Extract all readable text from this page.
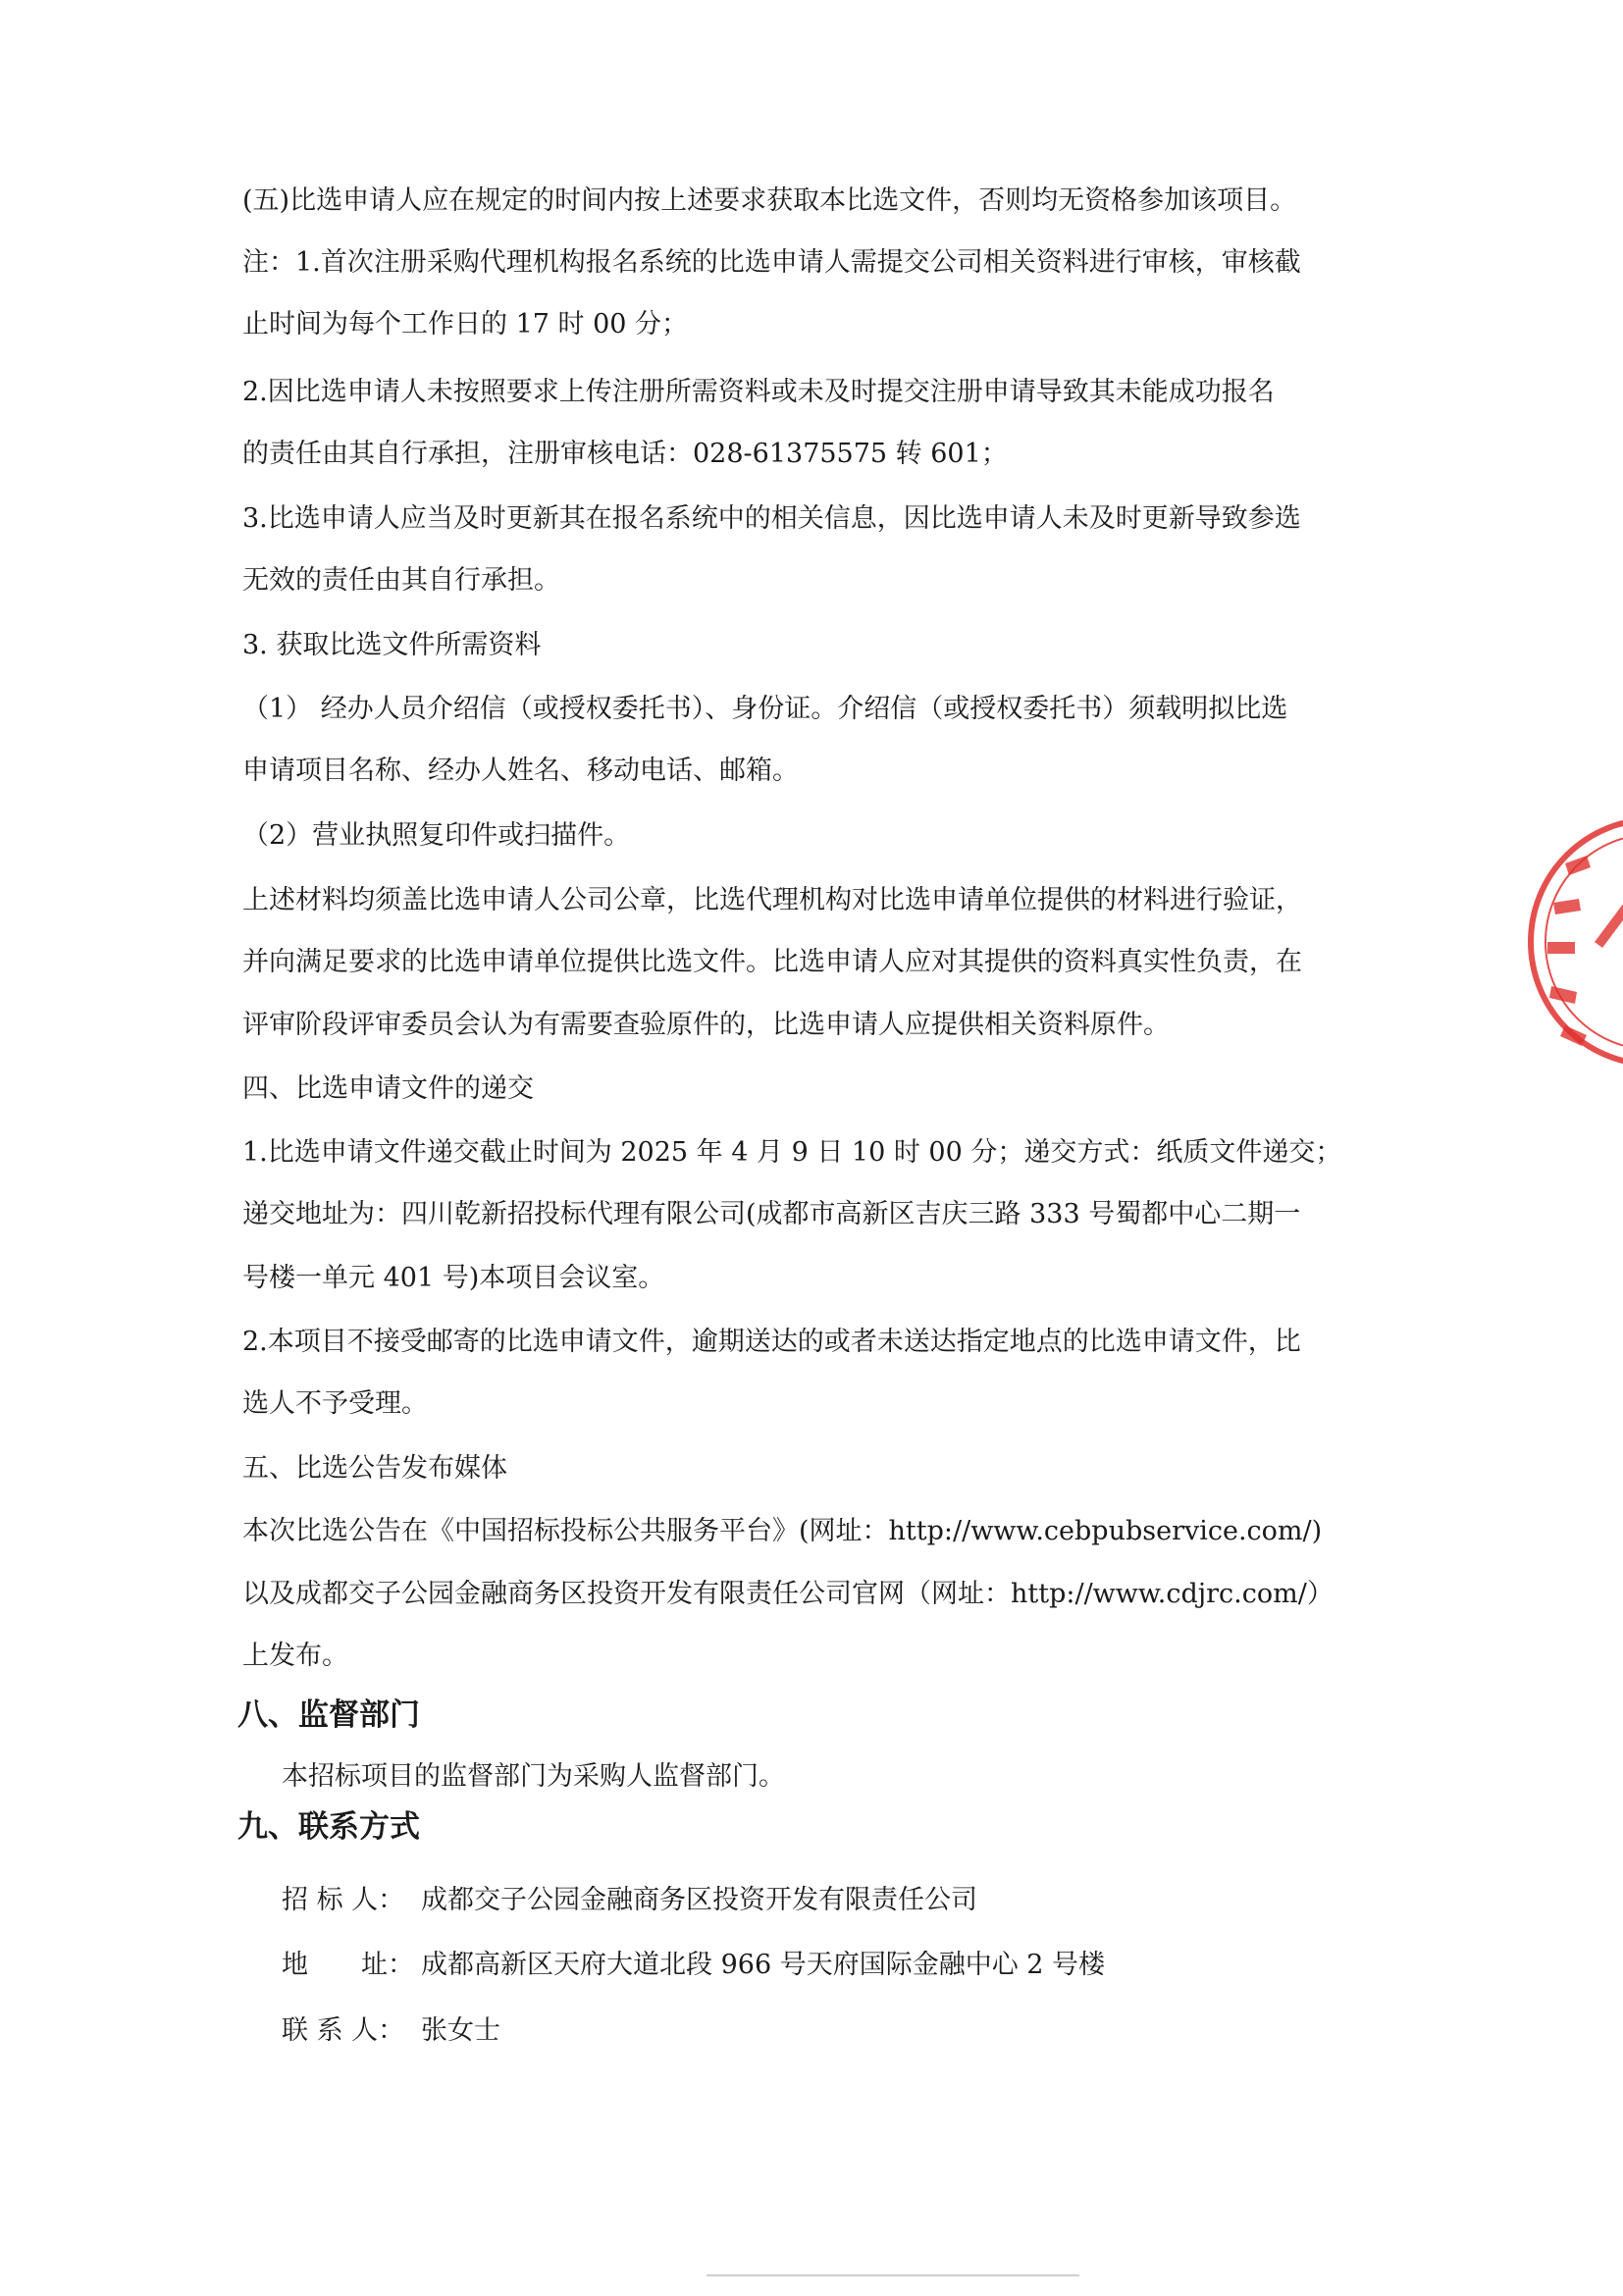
(五)比选申请人应在规定的时间内按上述要求获取本比选文件，否则均无资格参加该项目。
注：1.首次注册采购代理机构报名系统的比选申请人需提交公司相关资料进行审核，审核截
止时间为每个工作日的 17 时 00 分；
2.因比选申请人未按照要求上传注册所需资料或未及时提交注册申请导致其未能成功报名
的责任由其自行承担，注册审核电话：028-61375575 转 601；
3.比选申请人应当及时更新其在报名系统中的相关信息，因比选申请人未及时更新导致参选
无效的责任由其自行承担。
3. 获取比选文件所需资料
（1） 经办人员介绍信（或授权委托书）、身份证。介绍信（或授权委托书）须载明拟比选
申请项目名称、经办人姓名、移动电话、邮箱。
（2）营业执照复印件或扫描件。
上述材料均须盖比选申请人公司公章，比选代理机构对比选申请单位提供的材料进行验证，
并向满足要求的比选申请单位提供比选文件。比选申请人应对其提供的资料真实性负责，在
评审阶段评审委员会认为有需要查验原件的，比选申请人应提供相关资料原件。
四、比选申请文件的递交
1.比选申请文件递交截止时间为 2025 年 4 月 9 日 10 时 00 分；递交方式：纸质文件递交；
递交地址为：四川乾新招投标代理有限公司(成都市高新区吉庆三路 333 号蜀都中心二期一
号楼一单元 401 号)本项目会议室。
2.本项目不接受邮寄的比选申请文件，逾期送达的或者未送达指定地点的比选申请文件，比
选人不予受理。
五、比选公告发布媒体
本次比选公告在《中国招标投标公共服务平台》(网址：http://www.cebpubservice.com/)
以及成都交子公园金融商务区投资开发有限责任公司官网（网址：http://www.cdjrc.com/）
上发布。
八、监督部门
本招标项目的监督部门为采购人监督部门。
九、联系方式
招 标 人： 成都交子公园金融商务区投资开发有限责任公司
地　　址： 成都高新区天府大道北段 966 号天府国际金融中心 2 号楼
联 系 人： 张女士
